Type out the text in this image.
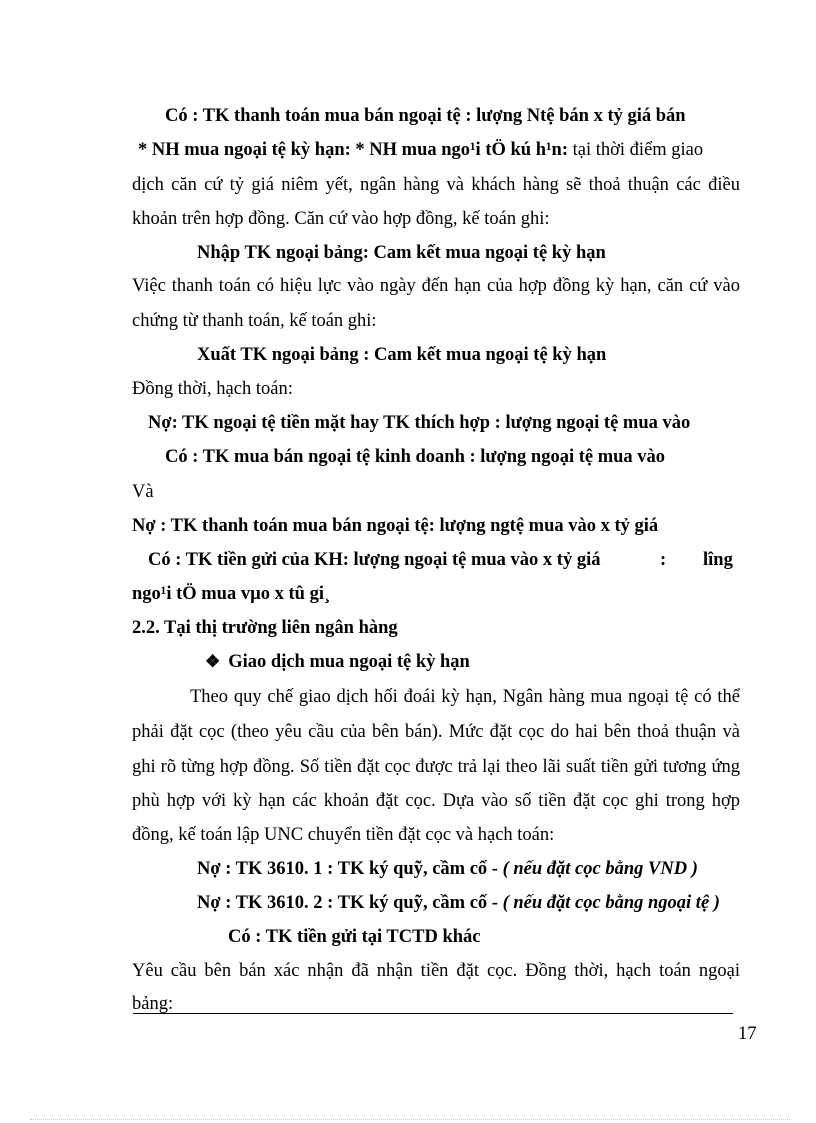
Có : TK thanh toán mua bán ngoại tệ : lượng Ntệ bán x tỷ giá bán
* NH mua ngoại tệ kỳ hạn: * NH mua ngo¹i tÖ kú h¹n: tại thời điểm giao
dịch căn cứ tỷ giá niêm yết, ngân hàng và khách hàng sẽ thoả thuận các điều
khoản trên hợp đồng. Căn cứ vào hợp đồng, kế toán ghi:
Nhập TK ngoại bảng: Cam kết mua ngoại tệ kỳ hạn
Việc thanh toán có hiệu lực vào ngày đến hạn của hợp đồng kỳ hạn, căn cứ vào
chứng từ thanh toán, kế toán ghi:
Xuất TK ngoại bảng : Cam kết mua ngoại tệ kỳ hạn
Đồng thời, hạch toán:
Nợ: TK ngoại tệ tiền mặt hay TK thích hợp : lượng ngoại tệ mua vào
Có : TK mua bán ngoại tệ kinh doanh : lượng ngoại tệ mua vào
Và
Nợ : TK thanh toán mua bán ngoại tệ: lượng ngtệ mua vào x tỷ giá
Có : TK tiền gửi của KH: lượng ngoại tệ mua vào x tỷ giá	: lîng
ngo¹i tÖ mua vµo x tû gi¸
2.2. Tại thị trường liên ngân hàng
❖ Giao dịch mua ngoại tệ kỳ hạn
Theo quy chế giao dịch hối đoái kỳ hạn, Ngân hàng mua ngoại tệ có thể
phải đặt cọc (theo yêu cầu của bên bán). Mức đặt cọc do hai bên thoả thuận và
ghi rõ từng hợp đồng. Số tiền đặt cọc được trả lại theo lãi suất tiền gửi tương ứng
phù hợp với kỳ hạn các khoản đặt cọc. Dựa vào số tiền đặt cọc ghi trong hợp
đồng, kế toán lập UNC chuyển tiền đặt cọc và hạch toán:
Nợ : TK 3610. 1 : TK ký quỹ, cầm cố - ( nếu đặt cọc bằng VND )
Nợ : TK 3610. 2 : TK ký quỹ, cầm cố - ( nếu đặt cọc bằng ngoại tệ )
Có : TK tiền gửi tại TCTD khác
Yêu cầu bên bán xác nhận đã nhận tiền đặt cọc. Đồng thời, hạch toán ngoại
bảng:
17
